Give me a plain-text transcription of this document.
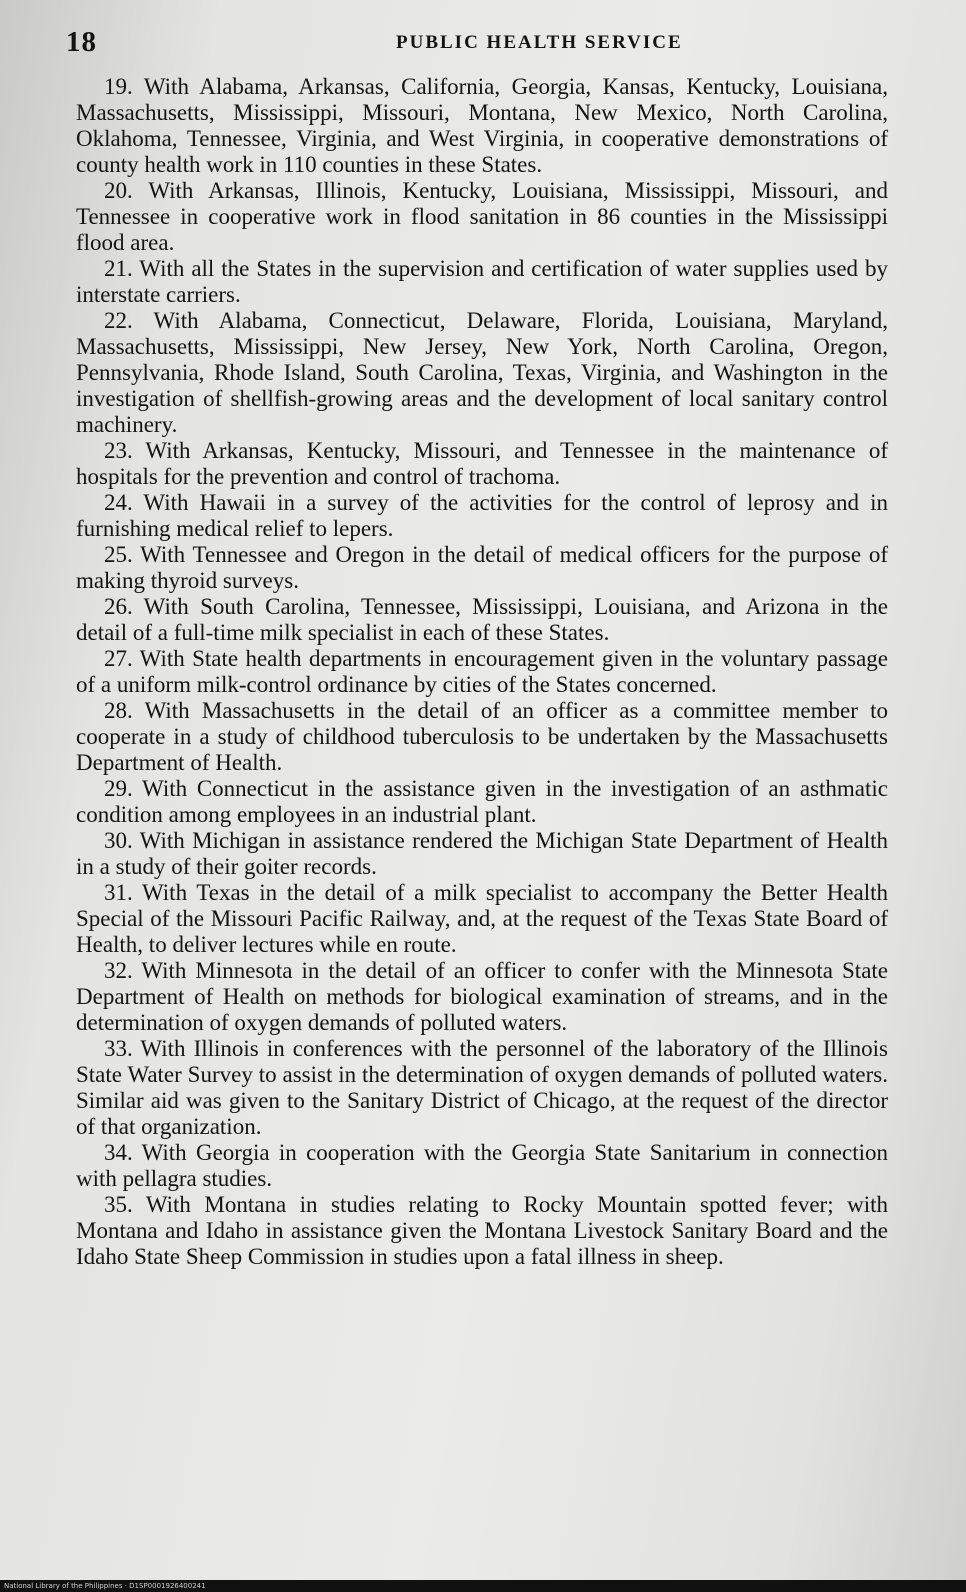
18	PUBLIC HEALTH SERVICE

19. With Alabama, Arkansas, California, Georgia, Kansas, Kentucky, Louisiana, Massachusetts, Mississippi, Missouri, Montana, New Mexico, North Carolina, Oklahoma, Tennessee, Virginia, and West Virginia, in cooperative demonstrations of county health work in 110 counties in these States.

20. With Arkansas, Illinois, Kentucky, Louisiana, Mississippi, Missouri, and Tennessee in cooperative work in flood sanitation in 86 counties in the Mississippi flood area.

21. With all the States in the supervision and certification of water supplies used by interstate carriers.

22. With Alabama, Connecticut, Delaware, Florida, Louisiana, Maryland, Massachusetts, Mississippi, New Jersey, New York, North Carolina, Oregon, Pennsylvania, Rhode Island, South Carolina, Texas, Virginia, and Washington in the investigation of shellfish-growing areas and the development of local sanitary control machinery.

23. With Arkansas, Kentucky, Missouri, and Tennessee in the maintenance of hospitals for the prevention and control of trachoma.

24. With Hawaii in a survey of the activities for the control of leprosy and in furnishing medical relief to lepers.

25. With Tennessee and Oregon in the detail of medical officers for the purpose of making thyroid surveys.

26. With South Carolina, Tennessee, Mississippi, Louisiana, and Arizona in the detail of a full-time milk specialist in each of these States.

27. With State health departments in encouragement given in the voluntary passage of a uniform milk-control ordinance by cities of the States concerned.

28. With Massachusetts in the detail of an officer as a committee member to cooperate in a study of childhood tuberculosis to be undertaken by the Massachusetts Department of Health.

29. With Connecticut in the assistance given in the investigation of an asthmatic condition among employees in an industrial plant.

30. With Michigan in assistance rendered the Michigan State Department of Health in a study of their goiter records.

31. With Texas in the detail of a milk specialist to accompany the Better Health Special of the Missouri Pacific Railway, and, at the request of the Texas State Board of Health, to deliver lectures while en route.

32. With Minnesota in the detail of an officer to confer with the Minnesota State Department of Health on methods for biological examination of streams, and in the determination of oxygen demands of polluted waters.

33. With Illinois in conferences with the personnel of the laboratory of the Illinois State Water Survey to assist in the determination of oxygen demands of polluted waters. Similar aid was given to the Sanitary District of Chicago, at the request of the director of that organization.

34. With Georgia in cooperation with the Georgia State Sanitarium in connection with pellagra studies.

35. With Montana in studies relating to Rocky Mountain spotted fever; with Montana and Idaho in assistance given the Montana Livestock Sanitary Board and the Idaho State Sheep Commission in studies upon a fatal illness in sheep.

National Library of the Philippines · D1SP0001926400241
